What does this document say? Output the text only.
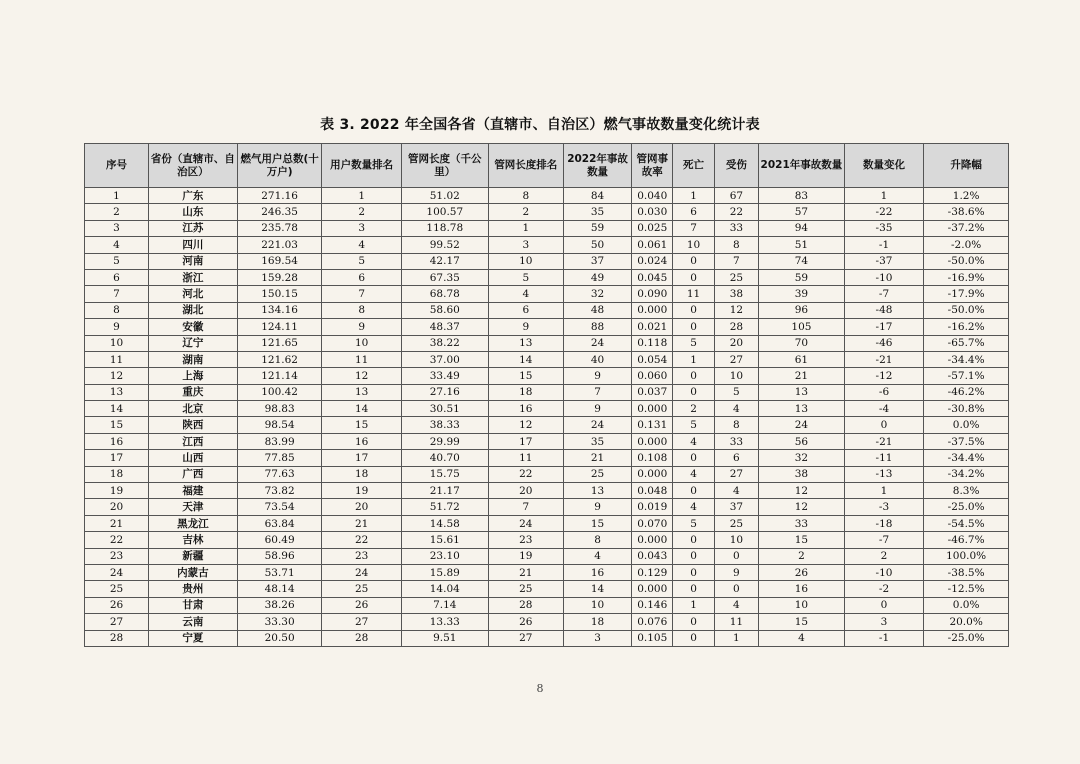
表 3. 2022 年全国各省（直辖市、自治区）燃气事故数量变化统计表
序号	省份（直辖市、自治区）	燃气用户总数(十万户)	用户数量排名	管网长度（千公里）	管网长度排名	2022年事故数量	管网事故率	死亡	受伤	2021年事故数量	数量变化	升降幅
1	广东	271.16	1	51.02	8	84	0.040	1	67	83	1	1.2%
2	山东	246.35	2	100.57	2	35	0.030	6	22	57	-22	-38.6%
3	江苏	235.78	3	118.78	1	59	0.025	7	33	94	-35	-37.2%
4	四川	221.03	4	99.52	3	50	0.061	10	8	51	-1	-2.0%
5	河南	169.54	5	42.17	10	37	0.024	0	7	74	-37	-50.0%
6	浙江	159.28	6	67.35	5	49	0.045	0	25	59	-10	-16.9%
7	河北	150.15	7	68.78	4	32	0.090	11	38	39	-7	-17.9%
8	湖北	134.16	8	58.60	6	48	0.000	0	12	96	-48	-50.0%
9	安徽	124.11	9	48.37	9	88	0.021	0	28	105	-17	-16.2%
10	辽宁	121.65	10	38.22	13	24	0.118	5	20	70	-46	-65.7%
11	湖南	121.62	11	37.00	14	40	0.054	1	27	61	-21	-34.4%
12	上海	121.14	12	33.49	15	9	0.060	0	10	21	-12	-57.1%
13	重庆	100.42	13	27.16	18	7	0.037	0	5	13	-6	-46.2%
14	北京	98.83	14	30.51	16	9	0.000	2	4	13	-4	-30.8%
15	陕西	98.54	15	38.33	12	24	0.131	5	8	24	0	0.0%
16	江西	83.99	16	29.99	17	35	0.000	4	33	56	-21	-37.5%
17	山西	77.85	17	40.70	11	21	0.108	0	6	32	-11	-34.4%
18	广西	77.63	18	15.75	22	25	0.000	4	27	38	-13	-34.2%
19	福建	73.82	19	21.17	20	13	0.048	0	4	12	1	8.3%
20	天津	73.54	20	51.72	7	9	0.019	4	37	12	-3	-25.0%
21	黑龙江	63.84	21	14.58	24	15	0.070	5	25	33	-18	-54.5%
22	吉林	60.49	22	15.61	23	8	0.000	0	10	15	-7	-46.7%
23	新疆	58.96	23	23.10	19	4	0.043	0	0	2	2	100.0%
24	内蒙古	53.71	24	15.89	21	16	0.129	0	9	26	-10	-38.5%
25	贵州	48.14	25	14.04	25	14	0.000	0	0	16	-2	-12.5%
26	甘肃	38.26	26	7.14	28	10	0.146	1	4	10	0	0.0%
27	云南	33.30	27	13.33	26	18	0.076	0	11	15	3	20.0%
28	宁夏	20.50	28	9.51	27	3	0.105	0	1	4	-1	-25.0%
8
